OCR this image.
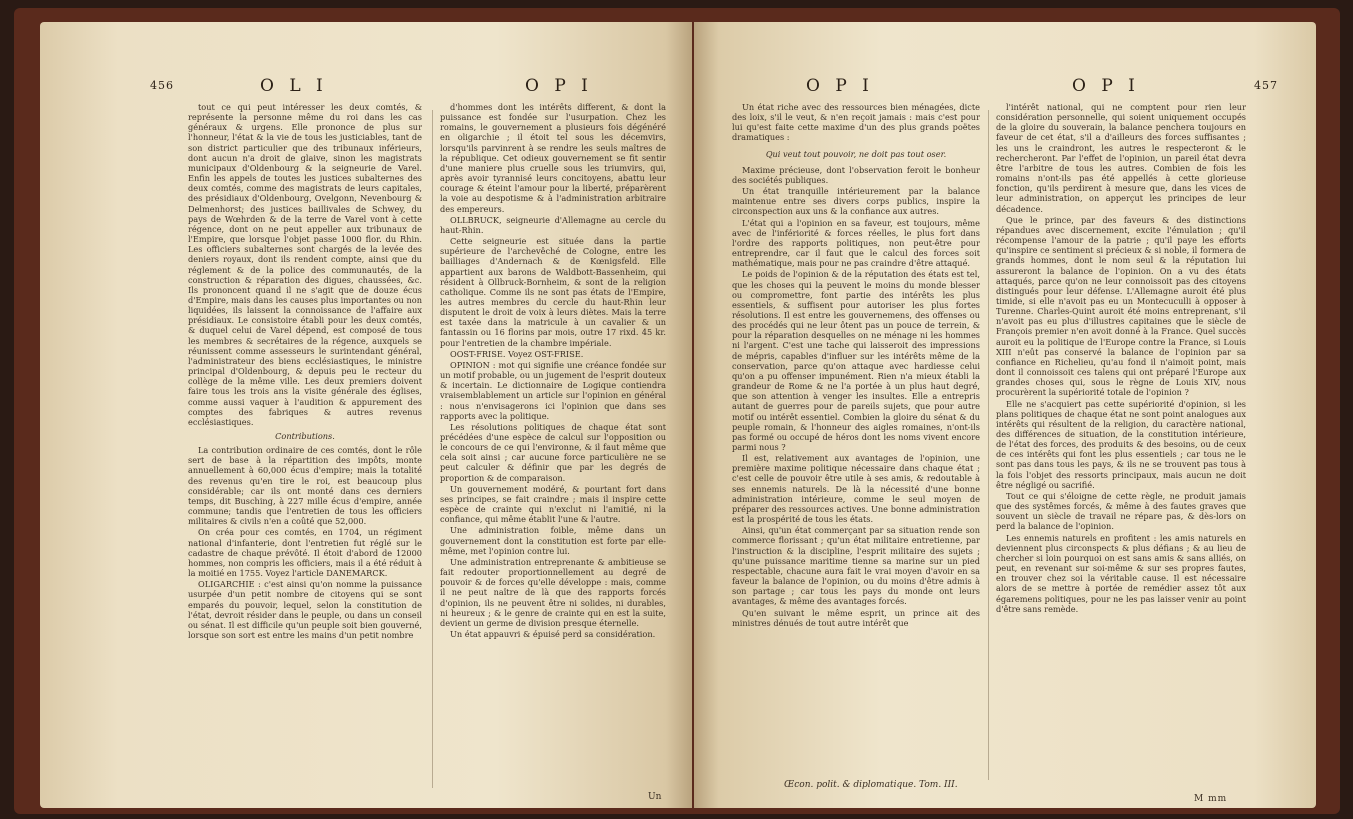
456	O L I	O P I

tout ce qui peut intéresser les deux comtés, & représente la personne même du roi dans les cas généraux & urgens. Elle prononce de plus sur l'honneur, l'état & la vie de tous les justiciables, tant de son district particulier que des tribunaux inférieurs, dont aucun n'a droit de glaive, sinon les magistrats municipaux d'Oldenbourg & la seigneurie de Varel. Enfin les appels de toutes les justices subalternes des deux comtés, comme des magistrats de leurs capitales, des présidiaux d'Oldenbourg, Ovelgonn, Nevenbourg & Delmenhorst; des justices baillivales de Schwey, du pays de Wœhrden & de la terre de Varel vont à cette régence, dont on ne peut appeller aux tribunaux de l'Empire, que lorsque l'objet passe 1000 flor. du Rhin. Les officiers subalternes sont chargés de la levée des deniers royaux, dont ils rendent compte, ainsi que du réglement & de la police des communautés, de la construction & réparation des digues, chaussées, &c. Ils prononcent quand il ne s'agit que de douze écus d'Empire, mais dans les causes plus importantes ou non liquidées, ils laissent la connoissance de l'affaire aux présidiaux. Le consistoire établi pour les deux comtés, & duquel celui de Varel dépend, est composé de tous les membres & secrétaires de la régence, auxquels se réunissent comme assesseurs le surintendant général, l'administrateur des biens ecclésiastiques, le ministre principal d'Oldenbourg, & depuis peu le recteur du collège de la même ville. Les deux premiers doivent faire tous les trois ans la visite générale des églises, comme aussi vaquer à l'audition & appurement des comptes des fabriques & autres revenus ecclésiastiques.

Contributions.

La contribution ordinaire de ces comtés, dont le rôle sert de base à la répartition des impôts, monte annuellement à 60,000 écus d'empire; mais la totalité des revenus qu'en tire le roi, est beaucoup plus considérable; car ils ont monté dans ces derniers temps, dit Busching, à 227 mille écus d'empire, année commune; tandis que l'entretien de tous les officiers militaires & civils n'en a coûté que 52,000.

On créa pour ces comtés, en 1704, un régiment national d'infanterie, dont l'entretien fut réglé sur le cadastre de chaque prévôté. Il étoit d'abord de 12000 hommes, non compris les officiers, mais il a été réduit à la moitié en 1755. Voyez l'article DANEMARCK.

OLIGARCHIE : c'est ainsi qu'on nomme la puissance usurpée d'un petit nombre de citoyens qui se sont emparés du pouvoir, lequel, selon la constitution de l'état, devroit résider dans le peuple, ou dans un conseil ou sénat. Il est difficile qu'un peuple soit bien gouverné, lorsque son sort est entre les mains d'un petit nombre

d'hommes dont les intérêts different, & dont la puissance est fondée sur l'usurpation. Chez les romains, le gouvernement a plusieurs fois dégénéré en oligarchie ; il étoit tel sous les décemvirs, lorsqu'ils parvinrent à se rendre les seuls maîtres de la république. Cet odieux gouvernement se fit sentir d'une maniere plus cruelle sous les triumvirs, qui, après avoir tyrannisé leurs concitoyens, abattu leur courage & éteint l'amour pour la liberté, préparèrent la voie au despotisme & à l'administration arbitraire des empereurs.

OLLBRUCK, seigneurie d'Allemagne au cercle du haut-Rhin.

Cette seigneurie est située dans la partie supérieure de l'archevêché de Cologne, entre les bailliages d'Andernach & de Kœnigsfeld. Elle appartient aux barons de Waldbott-Bassenheim, qui résident à Ollbruck-Bornheim, & sont de la religion catholique. Comme ils ne sont pas états de l'Empire, les autres membres du cercle du haut-Rhin leur disputent le droit de voix à leurs diètes. Mais la terre est taxée dans la matricule à un cavalier & un fantassin ou 16 florins par mois, outre 17 rixd. 45 kr. pour l'entretien de la chambre impériale.

OOST-FRISE. Voyez OST-FRISE.

OPINION : mot qui signifie une créance fondée sur un motif probable, ou un jugement de l'esprit douteux & incertain. Le dictionnaire de Logique contiendra vraisemblablement un article sur l'opinion en général : nous n'envisagerons ici l'opinion que dans ses rapports avec la politique.

Les résolutions politiques de chaque état sont précédées d'une espèce de calcul sur l'opposition ou le concours de ce qui l'environne, & il faut même que cela soit ainsi ; car aucune force particulière ne se peut calculer & définir que par les degrés de proportion & de comparaison.

Un gouvernement modéré, & pourtant fort dans ses principes, se fait craindre ; mais il inspire cette espèce de crainte qui n'exclut ni l'amitié, ni la confiance, qui même établit l'une & l'autre.

Une administration foible, même dans un gouvernement dont la constitution est forte par elle-même, met l'opinion contre lui.

Une administration entreprenante & ambitieuse se fait redouter proportionnellement au degré de pouvoir & de forces qu'elle développe : mais, comme il ne peut naître de là que des rapports forcés d'opinion, ils ne peuvent être ni solides, ni durables, ni heureux ; & le genre de crainte qui en est la suite, devient un germe de division presque éternelle.

Un état appauvri & épuisé perd sa considération.

Un
O P I	O P I	457

Un état riche avec des ressources bien ménagées, dicte des loix, s'il le veut, & n'en reçoit jamais : mais c'est pour lui qu'est faite cette maxime d'un des plus grands poëtes dramatiques :

Qui veut tout pouvoir, ne doit pas tout oser.

Maxime précieuse, dont l'observation feroit le bonheur des sociétés publiques.

Un état tranquille intérieurement par la balance maintenue entre ses divers corps publics, inspire la circonspection aux uns & la confiance aux autres.

L'état qui a l'opinion en sa faveur, est toujours, même avec de l'infériorité & forces réelles, le plus fort dans l'ordre des rapports politiques, non peut-être pour entreprendre, car il faut que le calcul des forces soit mathématique, mais pour ne pas craindre d'être attaqué.

Le poids de l'opinion & de la réputation des états est tel, que les choses qui la peuvent le moins du monde blesser ou compromettre, font partie des intérêts les plus essentiels, & suffisent pour autoriser les plus fortes résolutions. Il est entre les gouvernemens, des offenses ou des procédés qui ne leur ôtent pas un pouce de terrein, & pour la réparation desquelles on ne ménage ni les hommes ni l'argent. C'est une tache qui laisseroit des impressions de mépris, capables d'influer sur les intérêts même de la conservation, parce qu'on attaque avec hardiesse celui qu'on a pu offenser impunément. Rien n'a mieux établi la grandeur de Rome & ne l'a portée à un plus haut degré, que son attention à venger les insultes. Elle a entrepris autant de guerres pour de pareils sujets, que pour autre motif ou intérêt essentiel. Combien la gloire du sénat & du peuple romain, & l'honneur des aigles romaines, n'ont-ils pas formé ou occupé de héros dont les noms vivent encore parmi nous ?

Il est, relativement aux avantages de l'opinion, une première maxime politique nécessaire dans chaque état ; c'est celle de pouvoir être utile à ses amis, & redoutable à ses ennemis naturels. De là la nécessité d'une bonne administration intérieure, comme le seul moyen de préparer des ressources actives. Une bonne administration est la prospérité de tous les états.

Ainsi, qu'un état commerçant par sa situation rende son commerce florissant ; qu'un état militaire entretienne, par l'instruction & la discipline, l'esprit militaire des sujets ; qu'une puissance maritime tienne sa marine sur un pied respectable, chacune aura fait le vrai moyen d'avoir en sa faveur la balance de l'opinion, ou du moins d'être admis à son partage ; car tous les pays du monde ont leurs avantages, & même des avantages forcés.

Qu'en suivant le même esprit, un prince ait des ministres dénués de tout autre intérêt que

Œcon. polit. & diplomatique. Tom. III.

l'intérêt national, qui ne comptent pour rien leur considération personnelle, qui soient uniquement occupés de la gloire du souverain, la balance penchera toujours en faveur de cet état, s'il a d'ailleurs des forces suffisantes ; les uns le craindront, les autres le respecteront & le rechercheront. Par l'effet de l'opinion, un pareil état devra être l'arbitre de tous les autres. Combien de fois les romains n'ont-ils pas été appellés à cette glorieuse fonction, qu'ils perdirent à mesure que, dans les vices de leur administration, on apperçut les principes de leur décadence.

Que le prince, par des faveurs & des distinctions répandues avec discernement, excite l'émulation ; qu'il récompense l'amour de la patrie ; qu'il paye les efforts qu'inspire ce sentiment si précieux & si noble, il formera de grands hommes, dont le nom seul & la réputation lui assureront la balance de l'opinion. On a vu des états attaqués, parce qu'on ne leur connoissoit pas des citoyens distingués pour leur défense. L'Allemagne auroit été plus timide, si elle n'avoit pas eu un Montecuculli à opposer à Turenne. Charles-Quint auroit été moins entreprenant, s'il n'avoit pas eu plus d'illustres capitaines que le siècle de François premier n'en avoit donné à la France. Quel succès auroit eu la politique de l'Europe contre la France, si Louis XIII n'eût pas conservé la balance de l'opinion par sa confiance en Richelieu, qu'au fond il n'aimoit point, mais dont il connoissoit ces talens qui ont préparé l'Europe aux grandes choses qui, sous le règne de Louis XIV, nous procurèrent la supériorité totale de l'opinion ?

Elle ne s'acquiert pas cette supériorité d'opinion, si les plans politiques de chaque état ne sont point analogues aux intérêts qui résultent de la religion, du caractère national, des différences de situation, de la constitution intérieure, de l'état des forces, des produits & des besoins, ou de ceux de ces intérêts qui font les plus essentiels ; car tous ne le sont pas dans tous les pays, & ils ne se trouvent pas tous à la fois l'objet des ressorts principaux, mais aucun ne doit être négligé ou sacrifié.

Tout ce qui s'éloigne de cette règle, ne produit jamais que des systêmes forcés, & même à des fautes graves que souvent un siècle de travail ne répare pas, & dès-lors on perd la balance de l'opinion.

Les ennemis naturels en profitent : les amis naturels en deviennent plus circonspects & plus défians ; & au lieu de chercher si loin pourquoi on est sans amis & sans alliés, on peut, en revenant sur soi-même & sur ses propres fautes, en trouver chez soi la véritable cause. Il est nécessaire alors de se mettre à portée de remédier assez tôt aux égaremens politiques, pour ne les pas laisser venir au point d'être sans remède.

M mm
